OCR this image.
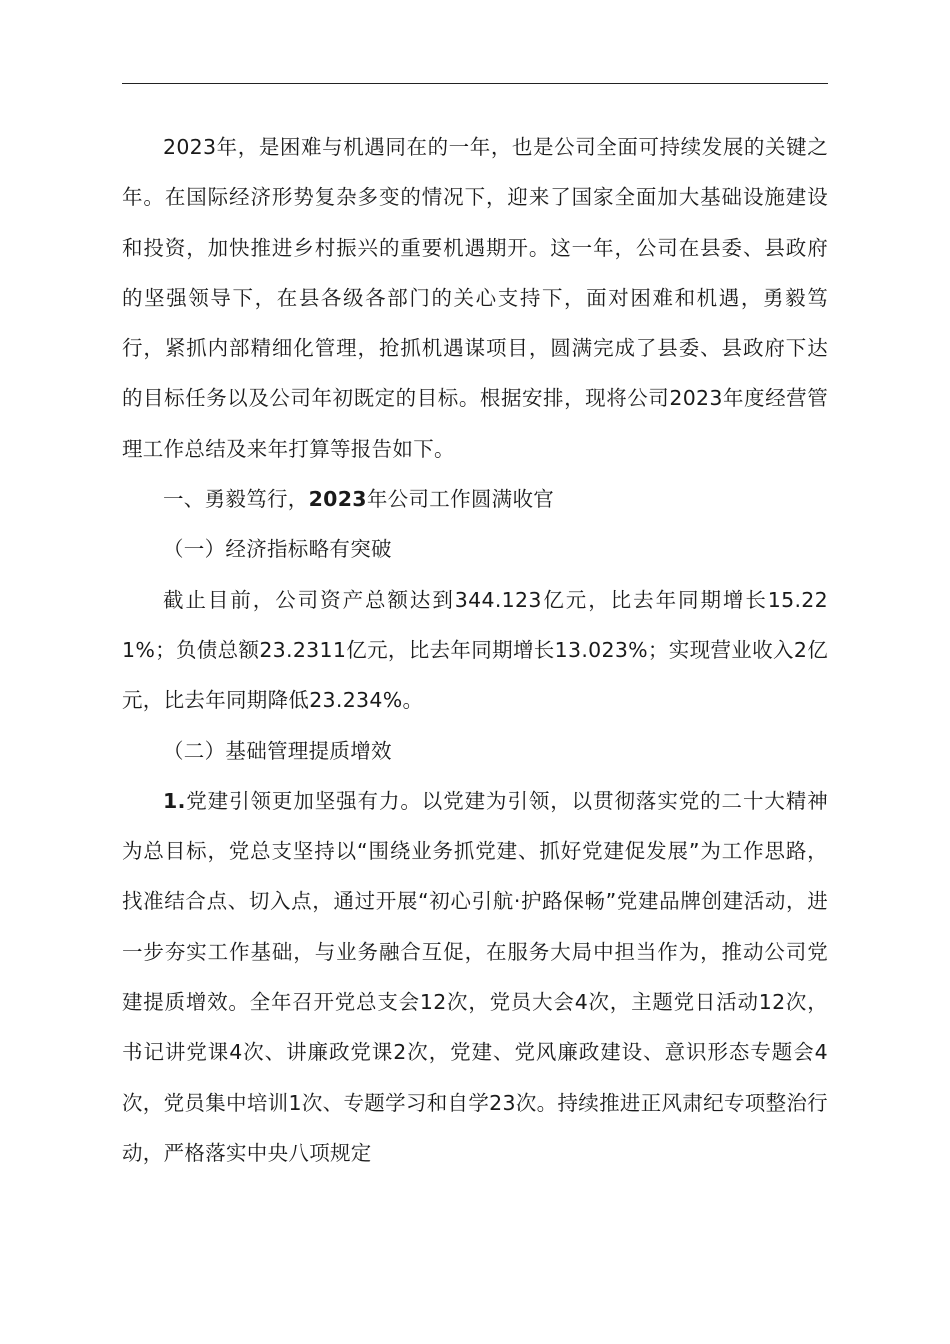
2023年，是困难与机遇同在的一年，也是公司全面可持续发展的关键之年。在国际经济形势复杂多变的情况下，迎来了国家全面加大基础设施建设和投资，加快推进乡村振兴的重要机遇期开。这一年，公司在县委、县政府的坚强领导下，在县各级各部门的关心支持下，面对困难和机遇，勇毅笃行，紧抓内部精细化管理，抢抓机遇谋项目，圆满完成了县委、县政府下达的目标任务以及公司年初既定的目标。根据安排，现将公司2023年度经营管理工作总结及来年打算等报告如下。

一、勇毅笃行，2023年公司工作圆满收官

（一）经济指标略有突破

截止目前，公司资产总额达到344.123亿元，比去年同期增长15.221%；负债总额23.2311亿元，比去年同期增长13.023%；实现营业收入2亿元，比去年同期降低23.234%。

（二）基础管理提质增效

1.党建引领更加坚强有力。以党建为引领，以贯彻落实党的二十大精神为总目标，党总支坚持以“围绕业务抓党建、抓好党建促发展”为工作思路，找准结合点、切入点，通过开展“初心引航·护路保畅”党建品牌创建活动，进一步夯实工作基础，与业务融合互促，在服务大局中担当作为，推动公司党建提质增效。全年召开党总支会12次，党员大会4次，主题党日活动12次，书记讲党课4次、讲廉政党课2次，党建、党风廉政建设、意识形态专题会4次，党员集中培训1次、专题学习和自学23次。持续推进正风肃纪专项整治行动，严格落实中央八项规定
